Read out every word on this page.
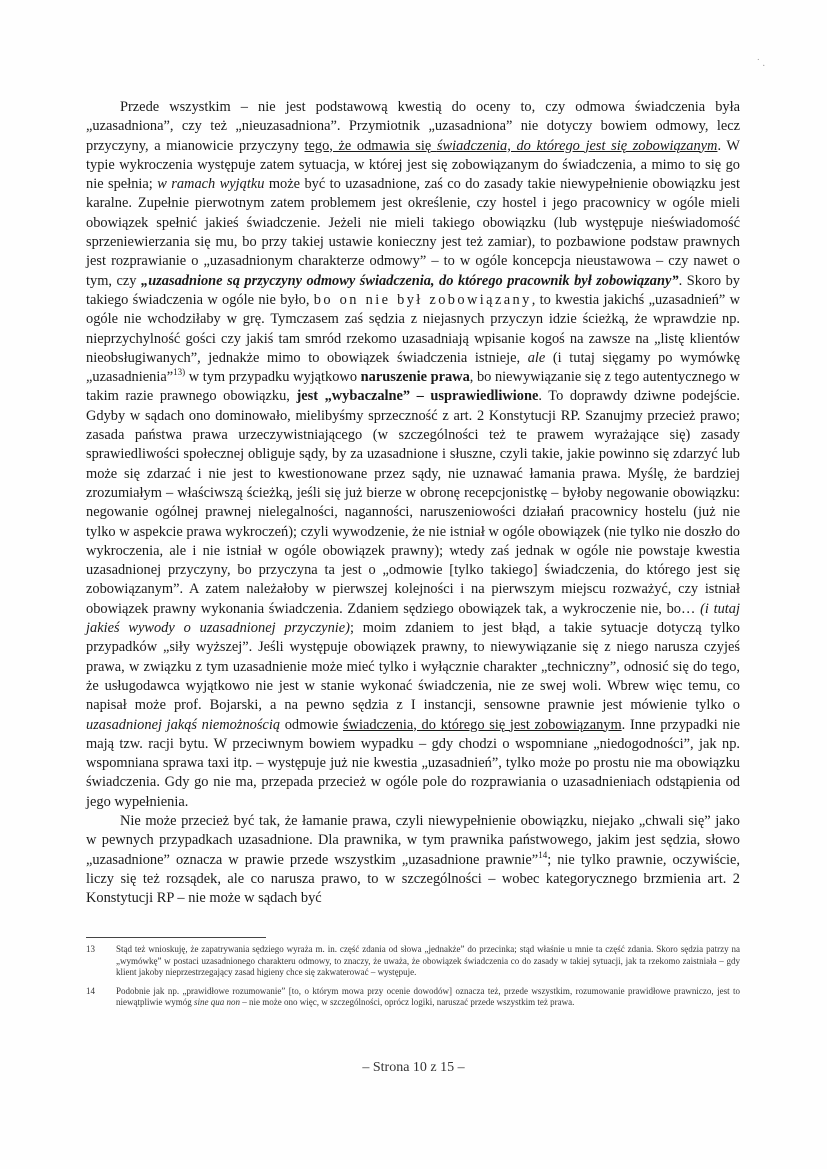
˙ .

Przede wszystkim – nie jest podstawową kwestią do oceny to, czy odmowa świadczenia była „uzasadniona”, czy też „nieuzasadniona”. Przymiotnik „uzasadniona” nie dotyczy bowiem odmowy, lecz przyczyny, a mianowicie przyczyny tego, że odmawia się świadczenia, do którego jest się zobowiązanym. W typie wykroczenia występuje zatem sytuacja, w której jest się zobowiązanym do świadczenia, a mimo to się go nie spełnia; w ramach wyjątku może być to uzasadnione, zaś co do zasady takie niewypełnienie obowiązku jest karalne. Zupełnie pierwotnym zatem problemem jest określenie, czy hostel i jego pracownicy w ogóle mieli obowiązek spełnić jakieś świadczenie. Jeżeli nie mieli takiego obowiązku (lub występuje nieświadomość sprzeniewierzania się mu, bo przy takiej ustawie konieczny jest też zamiar), to pozbawione podstaw prawnych jest rozprawianie o „uzasadnionym charakterze odmowy” – to w ogóle koncepcja nieustawowa – czy nawet o tym, czy „uzasadnione są przyczyny odmowy świadczenia, do którego pracownik był zobowiązany”. Skoro by takiego świadczenia w ogóle nie było, bo on nie był zobowiązany, to kwestia jakichś „uzasadnień” w ogóle nie wchodziłaby w grę. Tymczasem zaś sędzia z niejasnych przyczyn idzie ścieżką, że wprawdzie np. nieprzychylność gości czy jakiś tam smród rzekomo uzasadniają wpisanie kogoś na zawsze na „listę klientów nieobsługiwanych”, jednakże mimo to obowiązek świadczenia istnieje, ale (i tutaj sięgamy po wymówkę „uzasadnienia”$^{13)}$ w tym przypadku wyjątkowo naruszenie prawa, bo niewywiązanie się z tego autentycznego w takim razie prawnego obowiązku, jest „wybaczalne” – usprawiedliwione. To doprawdy dziwne podejście. Gdyby w sądach ono dominowało, mielibyśmy sprzeczność z art. 2 Konstytucji RP. Szanujmy przecież prawo; zasada państwa prawa urzeczywistniającego (w szczególności też te prawem wyrażające się) zasady sprawiedliwości społecznej obliguje sądy, by za uzasadnione i słuszne, czyli takie, jakie powinno się zdarzyć lub może się zdarzać i nie jest to kwestionowane przez sądy, nie uznawać łamania prawa. Myślę, że bardziej zrozumiałym – właściwszą ścieżką, jeśli się już bierze w obronę recepcjonistkę – byłoby negowanie obowiązku: negowanie ogólnej prawnej nielegalności, naganności, naruszeniowości działań pracownicy hostelu (już nie tylko w aspekcie prawa wykroczeń); czyli wywodzenie, że nie istniał w ogóle obowiązek (nie tylko nie doszło do wykroczenia, ale i nie istniał w ogóle obowiązek prawny); wtedy zaś jednak w ogóle nie powstaje kwestia uzasadnionej przyczyny, bo przyczyna ta jest o „odmowie [tylko takiego] świadczenia, do którego jest się zobowiązanym”. A zatem należałoby w pierwszej kolejności i na pierwszym miejscu rozważyć, czy istniał obowiązek prawny wykonania świadczenia. Zdaniem sędziego obowiązek tak, a wykroczenie nie, bo… (i tutaj jakieś wywody o uzasadnionej przyczynie); moim zdaniem to jest błąd, a takie sytuacje dotyczą tylko przypadków „siły wyższej”. Jeśli występuje obowiązek prawny, to niewywiązanie się z niego narusza czyjeś prawa, w związku z tym uzasadnienie może mieć tylko i wyłącznie charakter „techniczny”, odnosić się do tego, że usługodawca wyjątkowo nie jest w stanie wykonać świadczenia, nie ze swej woli. Wbrew więc temu, co napisał może prof. Bojarski, a na pewno sędzia z I instancji, sensowne prawnie jest mówienie tylko o uzasadnionej jakąś niemożnością odmowie świadczenia, do którego się jest zobowiązanym. Inne przypadki nie mają tzw. racji bytu. W przeciwnym bowiem wypadku – gdy chodzi o wspomniane „niedogodności”, jak np. wspomniana sprawa taxi itp. – występuje już nie kwestia „uzasadnień”, tylko może po prostu nie ma obowiązku świadczenia. Gdy go nie ma, przepada przecież w ogóle pole do rozprawiania o uzasadnieniach odstąpienia od jego wypełnienia.

Nie może przecież być tak, że łamanie prawa, czyli niewypełnienie obowiązku, niejako „chwali się” jako w pewnych przypadkach uzasadnione. Dla prawnika, w tym prawnika państwowego, jakim jest sędzia, słowo „uzasadnione” oznacza w prawie przede wszystkim „uzasadnione prawnie”$^{14}$; nie tylko prawnie, oczywiście, liczy się też rozsądek, ale co narusza prawo, to w szczególności – wobec kategorycznego brzmienia art. 2 Konstytucji RP – nie może w sądach być

13	Stąd też wnioskuję, że zapatrywania sędziego wyraża m. in. część zdania od słowa „jednakże” do przecinka; stąd właśnie u mnie ta część zdania. Skoro sędzia patrzy na „wymówkę” w postaci uzasadnionego charakteru odmowy, to znaczy, że uważa, że obowiązek świadczenia co do zasady w takiej sytuacji, jak ta rzekomo zaistniała – gdy klient jakoby nieprzestrzegający zasad higieny chce się zakwaterować – występuje.
14	Podobnie jak np. „prawidłowe rozumowanie” [to, o którym mowa przy ocenie dowodów] oznacza też, przede wszystkim, rozumowanie prawidłowe prawniczo, jest to niewątpliwie wymóg sine qua non – nie może ono więc, w szczególności, oprócz logiki, naruszać przede wszystkim też prawa.
– Strona 10 z 15 –
